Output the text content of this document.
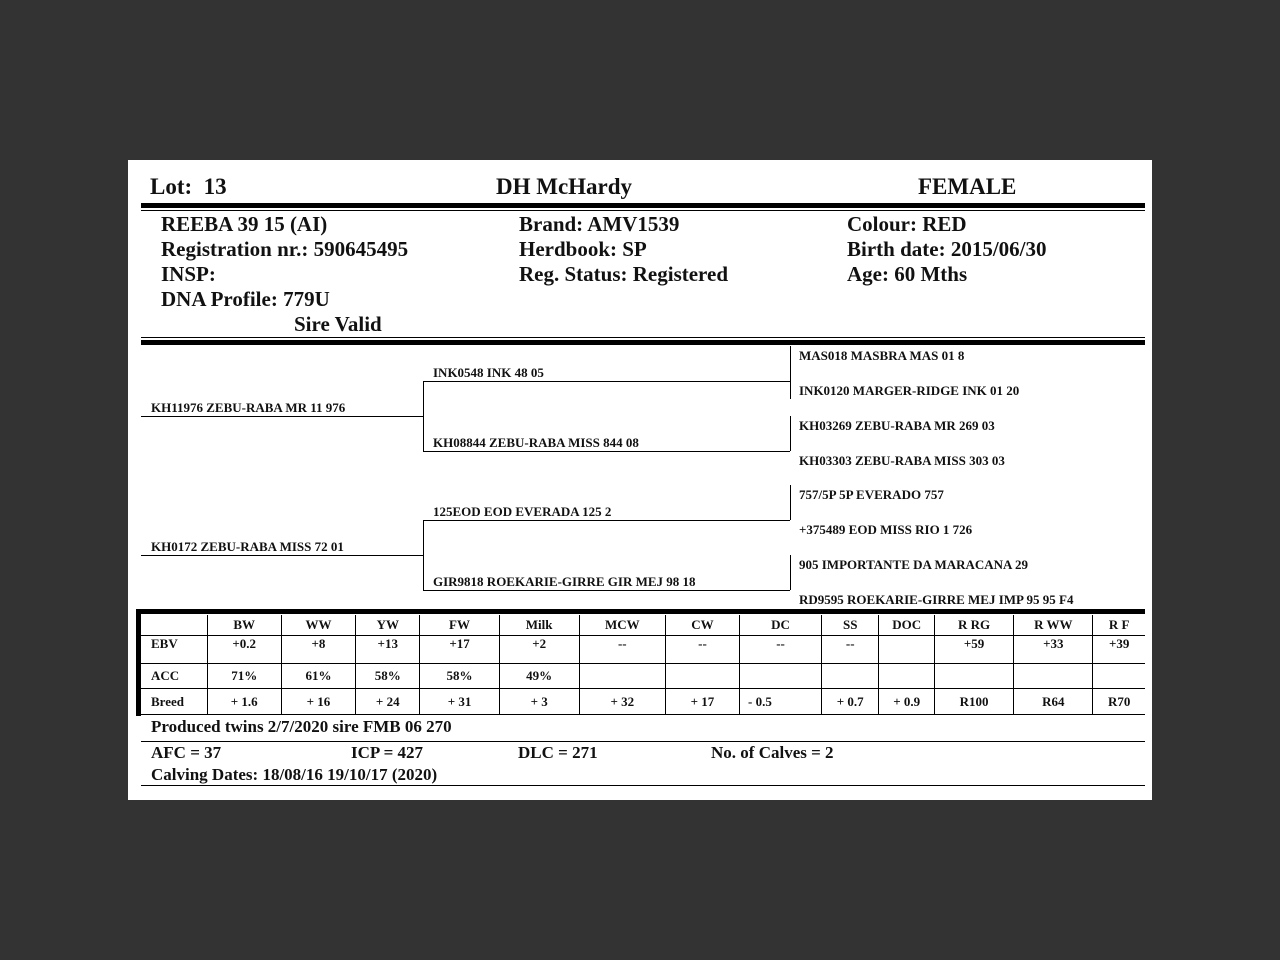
Lot: 13	DH McHardy	FEMALE
REEBA 39 15 (AI)
Registration nr.: 590645495
INSP:
DNA Profile: 779U
Sire Valid
Brand: AMV1539
Herdbook: SP
Reg. Status: Registered
Colour: RED
Birth date: 2015/06/30
Age: 60 Mths
KH11976 ZEBU-RABA MR 11 976
KH0172 ZEBU-RABA MISS 72 01
INK0548 INK 48 05
KH08844 ZEBU-RABA MISS 844 08
125EOD EOD EVERADA 125 2
GIR9818 ROEKARIE-GIRRE GIR MEJ 98 18
MAS018 MASBRA MAS 01 8
INK0120 MARGER-RIDGE INK 01 20
KH03269 ZEBU-RABA MR 269 03
KH03303 ZEBU-RABA MISS 303 03
757/5P 5P EVERADO 757
+375489 EOD MISS RIO 1 726
905 IMPORTANTE DA MARACANA 29
RD9595 ROEKARIE-GIRRE MEJ IMP 95 95 F4
	BW	WW	YW	FW	Milk	MCW	CW	DC	SS	DOC	R RG	R WW	R F
EBV	+0.2	+8	+13	+17	+2	--	--	--	--		+59	+33	+39
ACC	71%	61%	58%	58%	49%								
Breed	+ 1.6	+ 16	+ 24	+ 31	+ 3	+ 32	+ 17	- 0.5	+ 0.7	+ 0.9	R100	R64	R70
Produced twins 2/7/2020 sire FMB 06 270
AFC = 37	ICP = 427	DLC = 271	No. of Calves = 2
Calving Dates: 18/08/16 19/10/17 (2020)
